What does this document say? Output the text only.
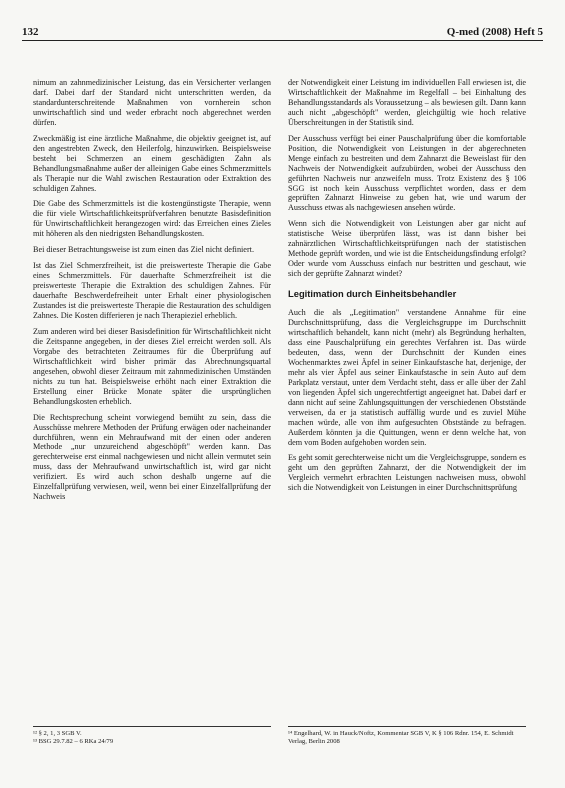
132	Q-med (2008) Heft 5

nimum an zahnmedizinischer Leistung, das ein Versicherter verlangen darf. Dabei darf der Standard nicht unterschritten werden, da standardunterschreitende Maßnahmen von vornherein schon unwirtschaftlich sind und weder erbracht noch abgerechnet werden dürfen.

Zweckmäßig ist eine ärztliche Maßnahme, die objektiv geeignet ist, auf den angestrebten Zweck, den Heilerfolg, hinzuwirken. Beispielsweise besteht bei Schmerzen an einem geschädigten Zahn als Behandlungsmaßnahme außer der alleinigen Gabe eines Schmerzmittels als Therapie nur die Wahl zwischen Restauration oder Extraktion des schuldigen Zahnes.

Die Gabe des Schmerzmittels ist die kostengünstigste Therapie, wenn die für viele Wirtschaftlichkeitsprüfverfahren benutzte Basisdefinition für Unwirtschaftlichkeit herangezogen wird: das Erreichen eines Zieles mit höheren als den niedrigsten Behandlungskosten.

Bei dieser Betrachtungsweise ist zum einen das Ziel nicht definiert.

Ist das Ziel Schmerzfreiheit, ist die preiswerteste Therapie die Gabe eines Schmerzmittels. Für dauerhafte Schmerzfreiheit ist die preiswerteste Therapie die Extraktion des schuldigen Zahnes. Für dauerhafte Beschwerdefreiheit unter Erhalt einer physiologischen Zustandes ist die preiswerteste Therapie die Restauration des schuldigen Zahnes. Die Kosten differieren je nach Therapieziel erheblich.

Zum anderen wird bei dieser Basisdefinition für Wirtschaftlichkeit nicht die Zeitspanne angegeben, in der dieses Ziel erreicht werden soll. Als Vorgabe des betrachteten Zeitraumes für die Überprüfung auf Wirtschaftlichkeit wird bisher primär das Abrechnungsquartal angesehen, obwohl dieser Zeitraum mit zahnmedizinischen Umständen nichts zu tun hat. Beispielsweise erhöht nach einer Extraktion die Erstellung einer Brücke Monate später die ursprünglichen Behandlungskosten erheblich.

Die Rechtsprechung scheint vorwiegend bemüht zu sein, dass die Ausschüsse mehrere Methoden der Prüfung erwägen oder nacheinander durchführen, wenn ein Mehraufwand mit der einen oder anderen Methode „nur unzureichend abgeschöpft" werden kann. Das gerechterweise erst einmal nachgewiesen und nicht allein vermutet sein muss, dass der Mehraufwand unwirtschaftlich ist, wird gar nicht verifiziert. Es wird auch schon deshalb ungerne auf die Einzelfallprüfung verwiesen, weil, wenn bei einer Einzelfallprüfung der Nachweis

der Notwendigkeit einer Leistung im individuellen Fall erwiesen ist, die Wirtschaftlichkeit der Maßnahme im Regelfall – bei Einhaltung des Behandlungsstandards als Voraussetzung – als bewiesen gilt. Dann kann auch nicht „abgeschöpft" werden, gleichgültig wie hoch relative Überschreitungen in der Statistik sind.

Der Ausschuss verfügt bei einer Pauschalprüfung über die komfortable Position, die Notwendigkeit von Leistungen in der abgerechneten Menge einfach zu bestreiten und dem Zahnarzt die Beweislast für den Nachweis der Notwendigkeit aufzubürden, wobei der Ausschuss den geführten Nachweis nur anzweifeln muss. Trotz Existenz des § 106 SGG ist noch kein Ausschuss verpflichtet worden, dass er dem geprüften Zahnarzt Hinweise zu geben hat, wie und warum der Ausschuss etwas als nachgewiesen ansehen würde.

Wenn sich die Notwendigkeit von Leistungen aber gar nicht auf statistische Weise überprüfen lässt, was ist dann bisher bei zahnärztlichen Wirtschaftlichkeitsprüfungen nach der statistischen Methode geprüft worden, und wie ist die Entscheidungsfindung erfolgt? Oder wurde vom Ausschuss einfach nur bestritten und geschaut, wie sich der geprüfte Zahnarzt windet?

Legitimation durch Einheitsbehandler

Auch die als „Legitimation" verstandene Annahme für eine Durchschnittsprüfung, dass die Vergleichsgruppe im Durchschnitt wirtschaftlich behandelt, kann nicht (mehr) als Begründung herhalten, dass eine Pauschalprüfung ein gerechtes Verfahren ist. Das würde bedeuten, dass, wenn der Durchschnitt der Kunden eines Wochenmarktes zwei Äpfel in seiner Einkaufstasche hat, derjenige, der mehr als vier Äpfel aus seiner Einkaufstasche in sein Auto auf dem Parkplatz verstaut, unter dem Verdacht steht, dass er alle über der Zahl von liegenden Äpfel sich ungerechtfertigt angeeignet hat. Dabei darf er dann nicht auf seine Zahlungsquittungen der verschiedenen Obststände verweisen, da er ja statistisch auffällig wurde und es zuviel Mühe machen würde, alle von ihm aufgesuchten Obststände zu befragen. Außerdem könnten ja die Quittungen, wenn er denn welche hat, von dem vom Boden aufgehoben worden sein.

Es geht somit gerechterweise nicht um die Vergleichsgruppe, sondern es geht um den geprüften Zahnarzt, der die Notwendigkeit der im Vergleich vermehrt erbrachten Leistungen nachweisen muss, obwohl sich die Notwendigkeit von Leistungen in einer Durchschnittsprüfung

¹² § 2, 1, 3 SGB V.
¹³ BSG 29.7.82 – 6 RKa 24/79
¹⁴ Engelhard, W. in Hauck/Noftz, Kommentar SGB V, K § 106 Rdnr. 154, E. Schmidt Verlag, Berlin 2008
